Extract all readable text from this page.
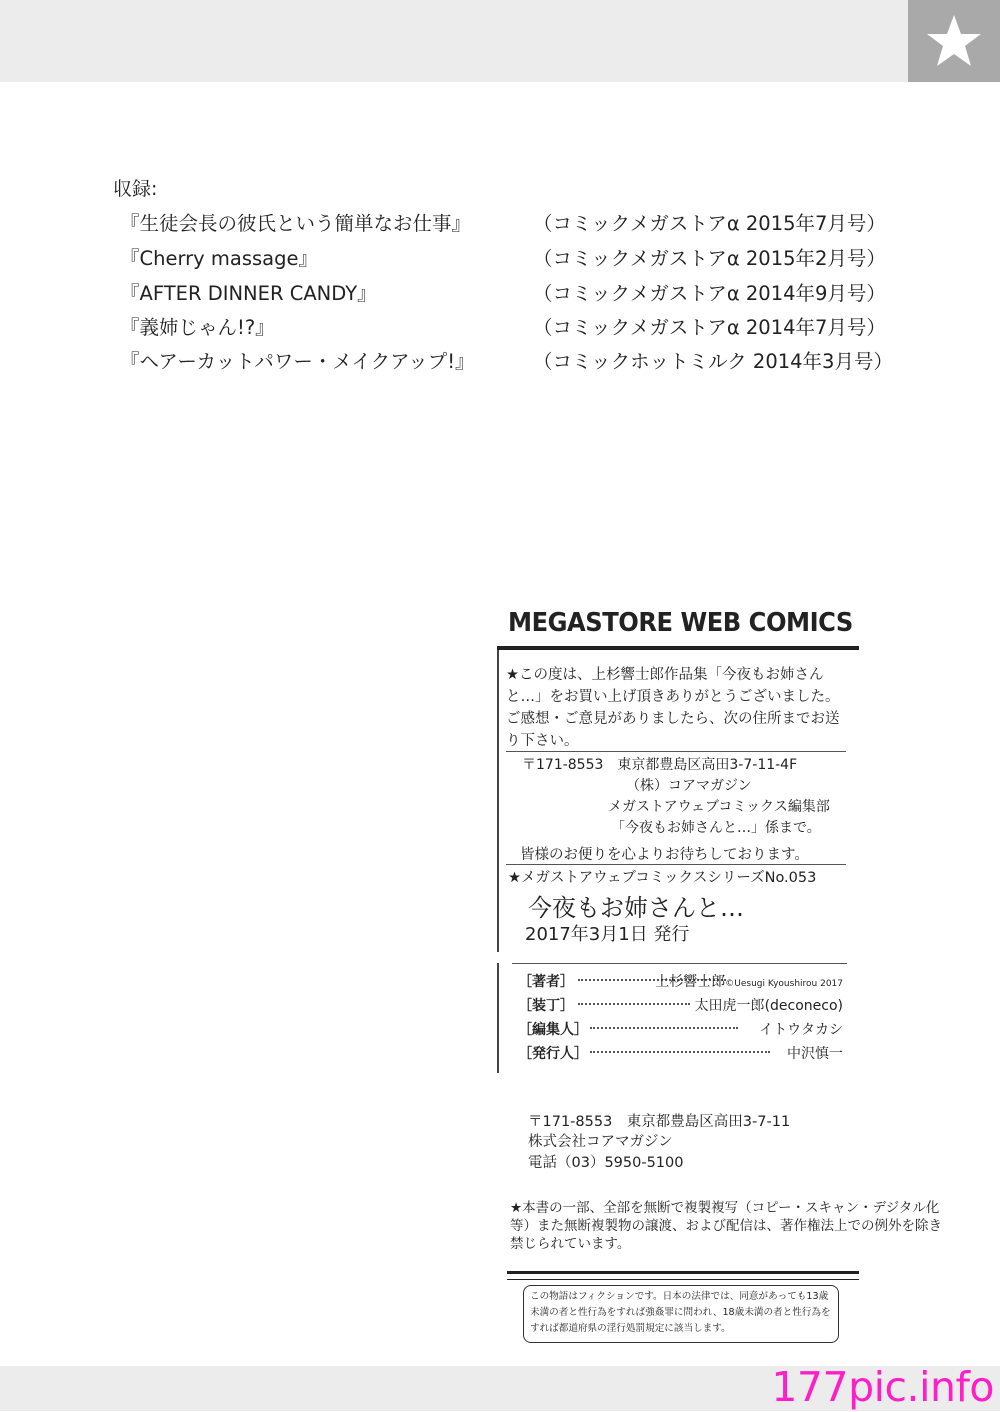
収録:
『生徒会長の彼氏という簡単なお仕事』	（コミックメガストアα 2015年7月号）
『Cherry massage』	（コミックメガストアα 2015年2月号）
『AFTER DINNER CANDY』	（コミックメガストアα 2014年9月号）
『義姉じゃん!?』	（コミックメガストアα 2014年7月号）
『ヘアーカットパワー・メイクアップ!』	（コミックホットミルク 2014年3月号）
MEGASTORE WEB COMICS
★この度は、上杉響士郎作品集「今夜もお姉さんと…」をお買い上げ頂きありがとうございました。ご感想・ご意見がありましたら、次の住所までお送り下さい。
〒171-8553　東京都豊島区高田3-7-11-4F
（株）コアマガジン
メガストアウェブコミックス編集部
「今夜もお姉さんと…」係まで。
皆様のお便りを心よりお待ちしております。
★メガストアウェブコミックスシリーズNo.053
今夜もお姉さんと…
2017年3月1日 発行
［著者］	上杉響士郎©Uesugi Kyoushirou 2017
［装丁］	太田虎一郎(deconeco)
［編集人］	イトウタカシ
［発行人］	中沢慎一
〒171-8553　東京都豊島区高田3-7-11
株式会社コアマガジン
電話（03）5950-5100
★本書の一部、全部を無断で複製複写（コピー・スキャン・デジタル化等）また無断複製物の譲渡、および配信は、著作権法上での例外を除き禁じられています。
この物語はフィクションです。日本の法律では、同意があっても13歳未満の者と性行為をすれば強姦罪に問われ、18歳未満の者と性行為をすれば都道府県の淫行処罰規定に該当します。
177pic.info
